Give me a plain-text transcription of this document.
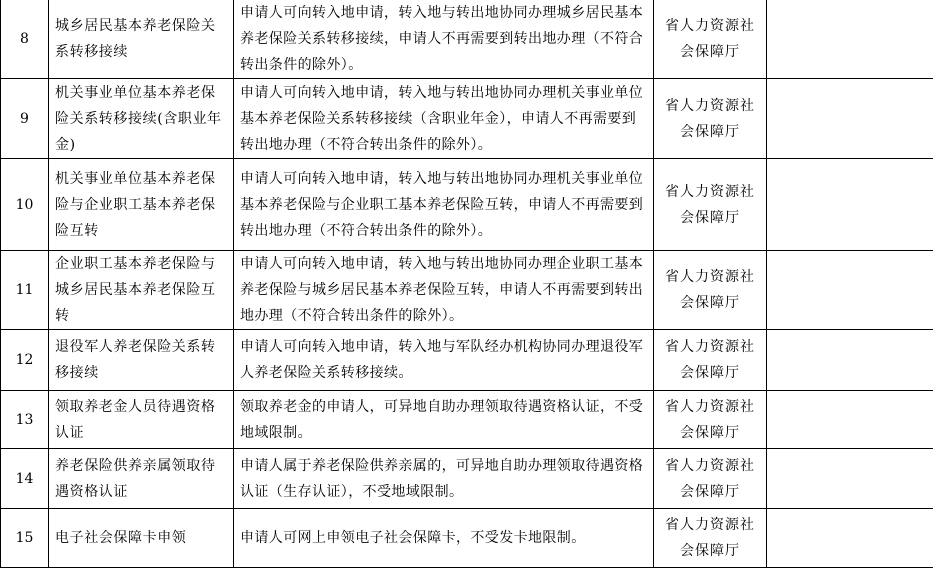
8	城乡居民基本养老保险关系转移接续	申请人可向转入地申请，转入地与转出地协同办理城乡居民基本养老保险关系转移接续，申请人不再需要到转出地办理（不符合转出条件的除外）。	省人力资源社会保障厅	
9	机关事业单位基本养老保险关系转移接续(含职业年金)	申请人可向转入地申请，转入地与转出地协同办理机关事业单位基本养老保险关系转移接续（含职业年金），申请人不再需要到转出地办理（不符合转出条件的除外）。	省人力资源社会保障厅	
10	机关事业单位基本养老保险与企业职工基本养老保险互转	申请人可向转入地申请，转入地与转出地协同办理机关事业单位基本养老保险与企业职工基本养老保险互转，申请人不再需要到转出地办理（不符合转出条件的除外）。	省人力资源社会保障厅	
11	企业职工基本养老保险与城乡居民基本养老保险互转	申请人可向转入地申请，转入地与转出地协同办理企业职工基本养老保险与城乡居民基本养老保险互转，申请人不再需要到转出地办理（不符合转出条件的除外）。	省人力资源社会保障厅	
12	退役军人养老保险关系转移接续	申请人可向转入地申请，转入地与军队经办机构协同办理退役军人养老保险关系转移接续。	省人力资源社会保障厅	
13	领取养老金人员待遇资格认证	领取养老金的申请人，可异地自助办理领取待遇资格认证，不受地域限制。	省人力资源社会保障厅	
14	养老保险供养亲属领取待遇资格认证	申请人属于养老保险供养亲属的，可异地自助办理领取待遇资格认证（生存认证），不受地域限制。	省人力资源社会保障厅	
15	电子社会保障卡申领	申请人可网上申领电子社会保障卡，不受发卡地限制。	省人力资源社会保障厅	
